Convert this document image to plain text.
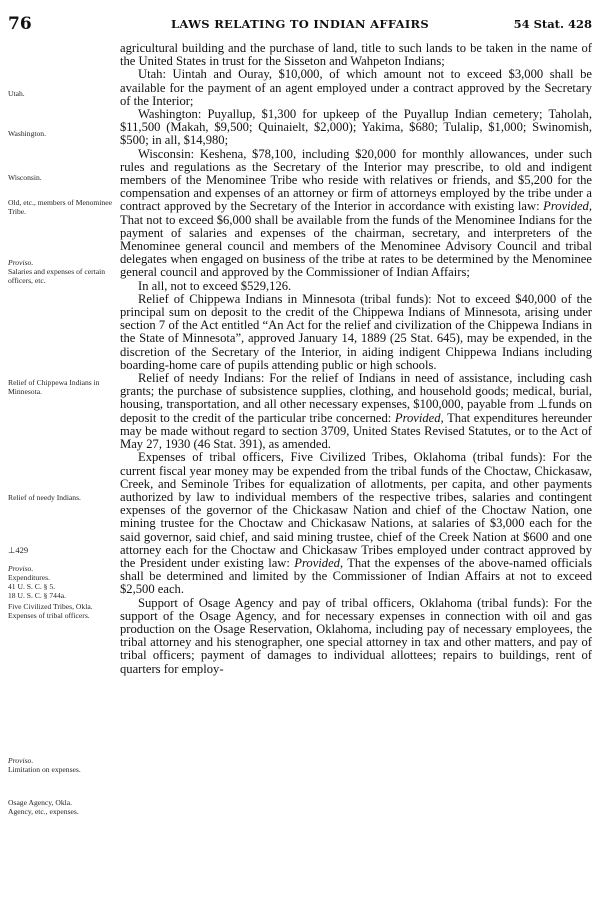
76	LAWS RELATING TO INDIAN AFFAIRS	54 Stat. 428
Utah.
Washington.
Wisconsin.
Old, etc., members of Menominee Tribe.
Proviso.
Salaries and expenses of certain officers, etc.
Relief of Chippewa Indians in Minnesota.
Relief of needy Indians.
⊥429
Proviso.
Expenditures.
41 U. S. C. § 5.
18 U. S. C. § 744a.
Five Civilized Tribes, Okla.
Expenses of tribal officers.
Proviso.
Limitation on expenses.
Osage Agency, Okla.
Agency, etc., expenses.

agricultural building and the purchase of land, title to such lands to be taken in the name of the United States in trust for the Sisseton and Wahpeton Indians;

Utah: Uintah and Ouray, $10,000, of which amount not to exceed $3,000 shall be available for the payment of an agent employed under a contract approved by the Secretary of the Interior;

Washington: Puyallup, $1,300 for upkeep of the Puyallup Indian cemetery; Taholah, $11,500 (Makah, $9,500; Quinaielt, $2,000); Yakima, $680; Tulalip, $1,000; Swinomish, $500; in all, $14,980;

Wisconsin: Keshena, $78,100, including $20,000 for monthly allowances, under such rules and regulations as the Secretary of the Interior may prescribe, to old and indigent members of the Menominee Tribe who reside with relatives or friends, and $5,200 for the compensation and expenses of an attorney or firm of attorneys employed by the tribe under a contract approved by the Secretary of the Interior in accordance with existing law: Provided, That not to exceed $6,000 shall be available from the funds of the Menominee Indians for the payment of salaries and expenses of the chairman, secretary, and interpreters of the Menominee general council and members of the Menominee Advisory Council and tribal delegates when engaged on business of the tribe at rates to be determined by the Menominee general council and approved by the Commissioner of Indian Affairs;

In all, not to exceed $529,126.

Relief of Chippewa Indians in Minnesota (tribal funds): Not to exceed $40,000 of the principal sum on deposit to the credit of the Chippewa Indians of Minnesota, arising under section 7 of the Act entitled “An Act for the relief and civilization of the Chippewa Indians in the State of Minnesota”, approved January 14, 1889 (25 Stat. 645), may be expended, in the discretion of the Secretary of the Interior, in aiding indigent Chippewa Indians including boarding-home care of pupils attending public or high schools.

Relief of needy Indians: For the relief of Indians in need of assistance, including cash grants; the purchase of subsistence supplies, clothing, and household goods; medical, burial, housing, transportation, and all other necessary expenses, $100,000, payable from ⊥funds on deposit to the credit of the particular tribe concerned: Provided, That expenditures hereunder may be made without regard to section 3709, United States Revised Statutes, or to the Act of May 27, 1930 (46 Stat. 391), as amended.

Expenses of tribal officers, Five Civilized Tribes, Oklahoma (tribal funds): For the current fiscal year money may be expended from the tribal funds of the Choctaw, Chickasaw, Creek, and Seminole Tribes for equalization of allotments, per capita, and other payments authorized by law to individual members of the respective tribes, salaries and contingent expenses of the governor of the Chickasaw Nation and chief of the Choctaw Nation, one mining trustee for the Choctaw and Chickasaw Nations, at salaries of $3,000 each for the said governor, said chief, and said mining trustee, chief of the Creek Nation at $600 and one attorney each for the Choctaw and Chickasaw Tribes employed under contract approved by the President under existing law: Provided, That the expenses of the above-named officials shall be determined and limited by the Commissioner of Indian Affairs at not to exceed $2,500 each.

Support of Osage Agency and pay of tribal officers, Oklahoma (tribal funds): For the support of the Osage Agency, and for necessary expenses in connection with oil and gas production on the Osage Reservation, Oklahoma, including pay of necessary employees, the tribal attorney and his stenographer, one special attorney in tax and other matters, and pay of tribal officers; payment of damages to individual allottees; repairs to buildings, rent of quarters for employ-
